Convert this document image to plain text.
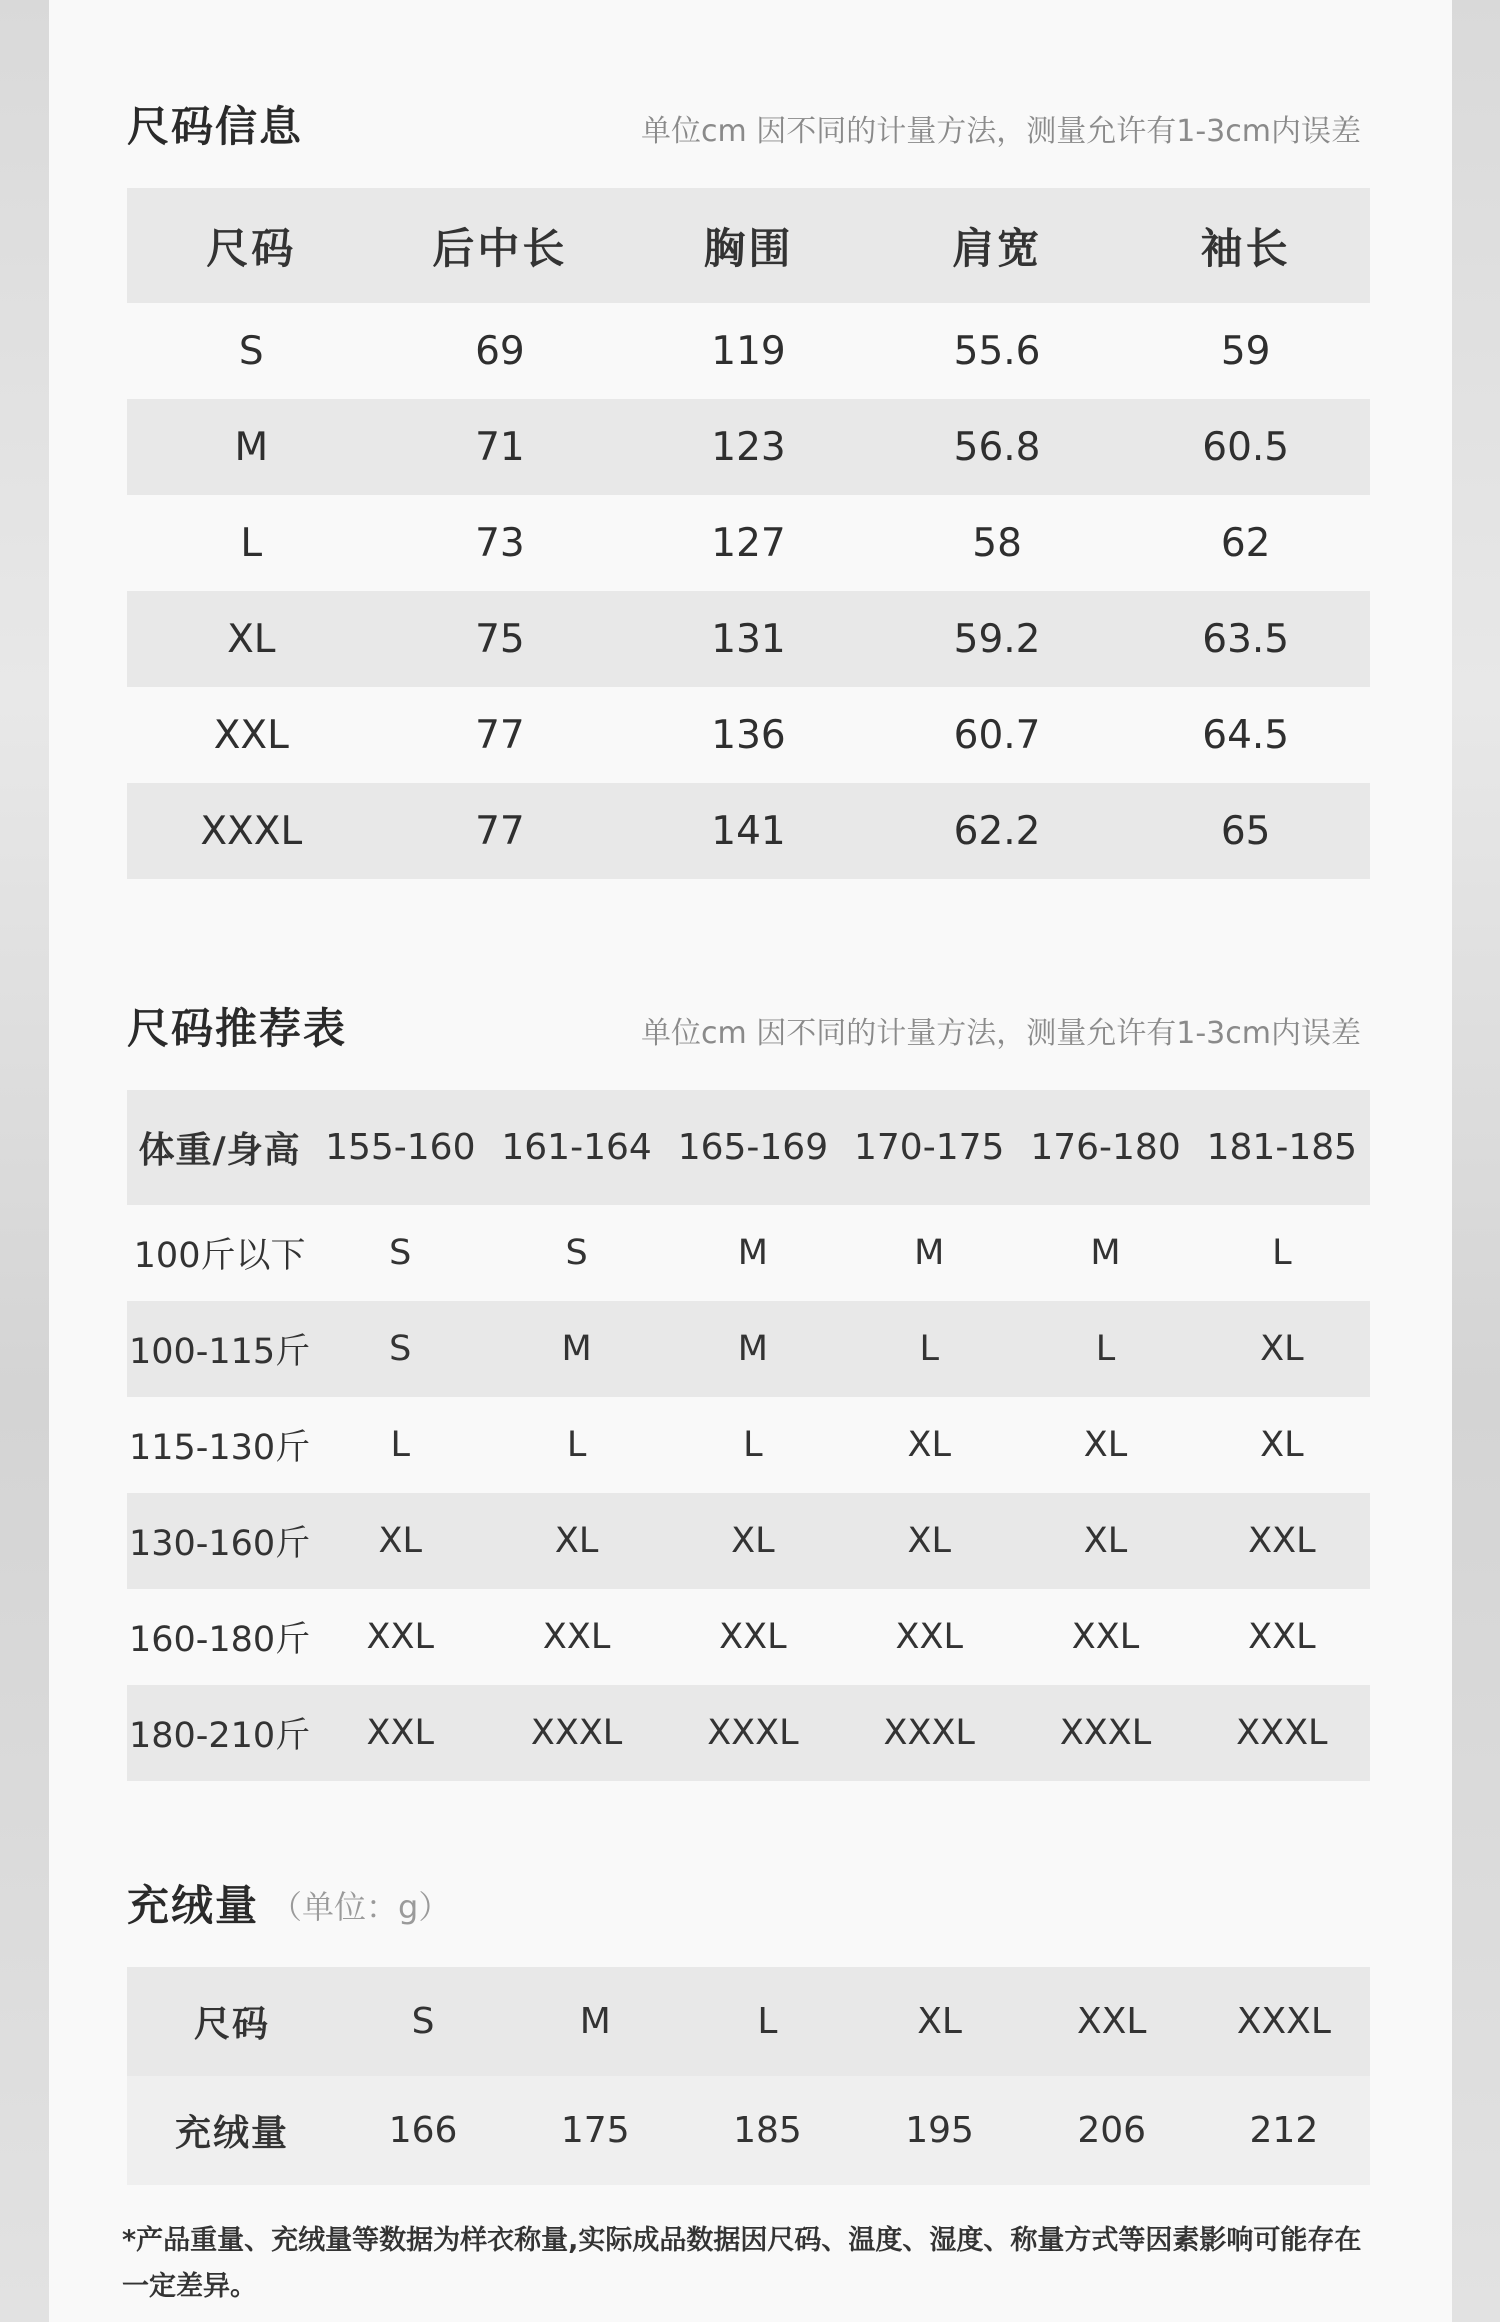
尺码信息	单位cm 因不同的计量方法，测量允许有1-3cm内误差
尺码	后中长	胸围	肩宽	袖长
S	69	119	55.6	59
M	71	123	56.8	60.5
L	73	127	58	62
XL	75	131	59.2	63.5
XXL	77	136	60.7	64.5
XXXL	77	141	62.2	65
尺码推荐表	单位cm 因不同的计量方法，测量允许有1-3cm内误差
体重/身高 155-160 161-164 165-169 170-175 176-180 181-185
100斤以下	S	S	M	M	M	L
100-115斤	S	M	M	L	L	XL
115-130斤	L	L	L	XL	XL	XL
130-160斤	XL	XL	XL	XL	XL	XXL
160-180斤	XXL	XXL	XXL	XXL	XXL	XXL
180-210斤	XXL	XXXL	XXXL	XXXL	XXXL	XXXL
充绒量 （单位：g）
尺码	S	M	L	XL	XXL	XXXL
充绒量	166	175	185	195	206	212
*产品重量、充绒量等数据为样衣称量,实际成品数据因尺码、温度、湿度、称量方式等因素影响可能存在一定差异。
